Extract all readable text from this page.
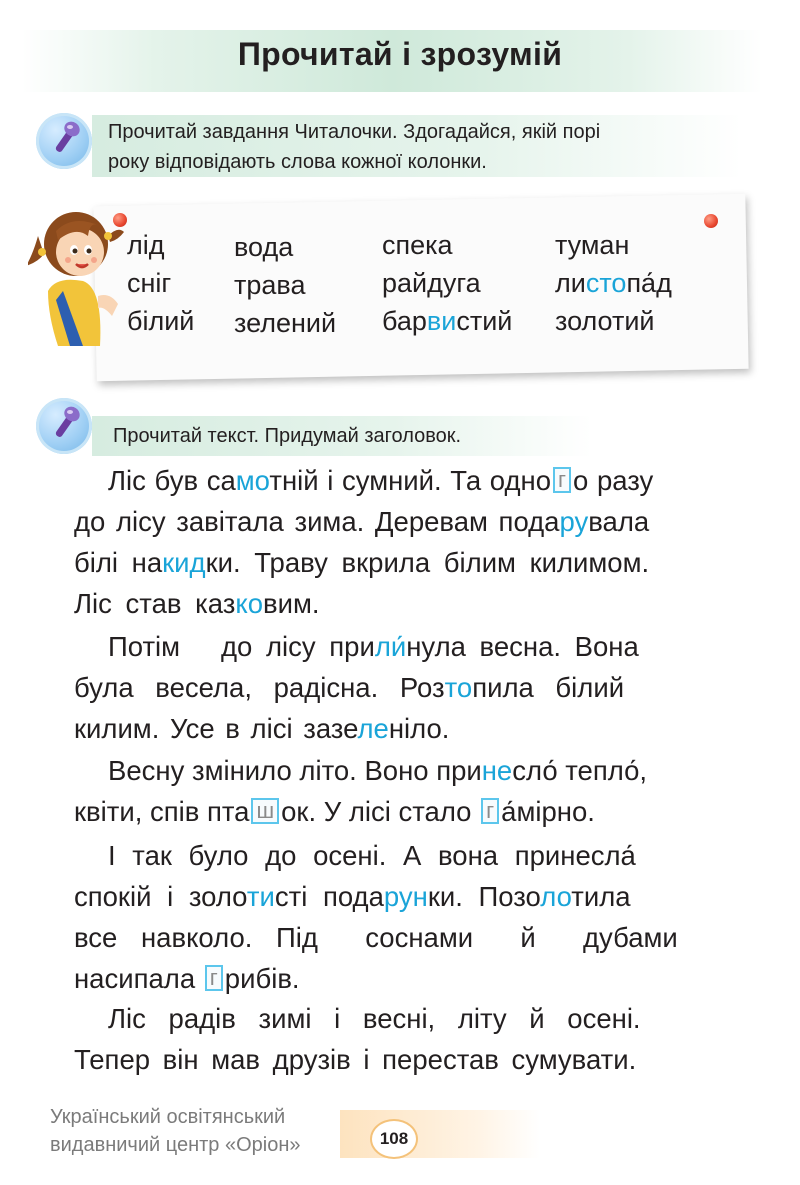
Прочитай і зрозумій
Прочитай завдання Читалочки. Здогадайся, якій порі
року відповідають слова кожної колонки.
лід
сніг
білий
вода
трава
зелений
спека
райдуга
барвистий
туман
листопа́д
золотий
Прочитай текст. Придумай заголовок.
Ліс був самотній і сумний. Та одно г о разу
до лісу завітала зима. Деревам подарувала
білі накидки. Траву вкрила білим килимом.
Ліс став казковим.
Потім   до лісу прили́нула весна. Вона
була весела, радісна. Розтопила білий
килим. Усе в лісі зазеленіло.
Весну змінило літо. Воно принесло́ тепло́,
квіти, спів пта ш ок. У лісі стало г а́мірно.
І так було до осені. А вона принесла́
спокій і золотисті подарунки. Позолотила
все навколо. Під  соснами  й  дубами
насипала г рибів.
Ліс радів зимі і весні, літу й осені.
Тепер він мав друзів і перестав сумувати.
Український освітянський
видавничий центр «Оріон»	108
